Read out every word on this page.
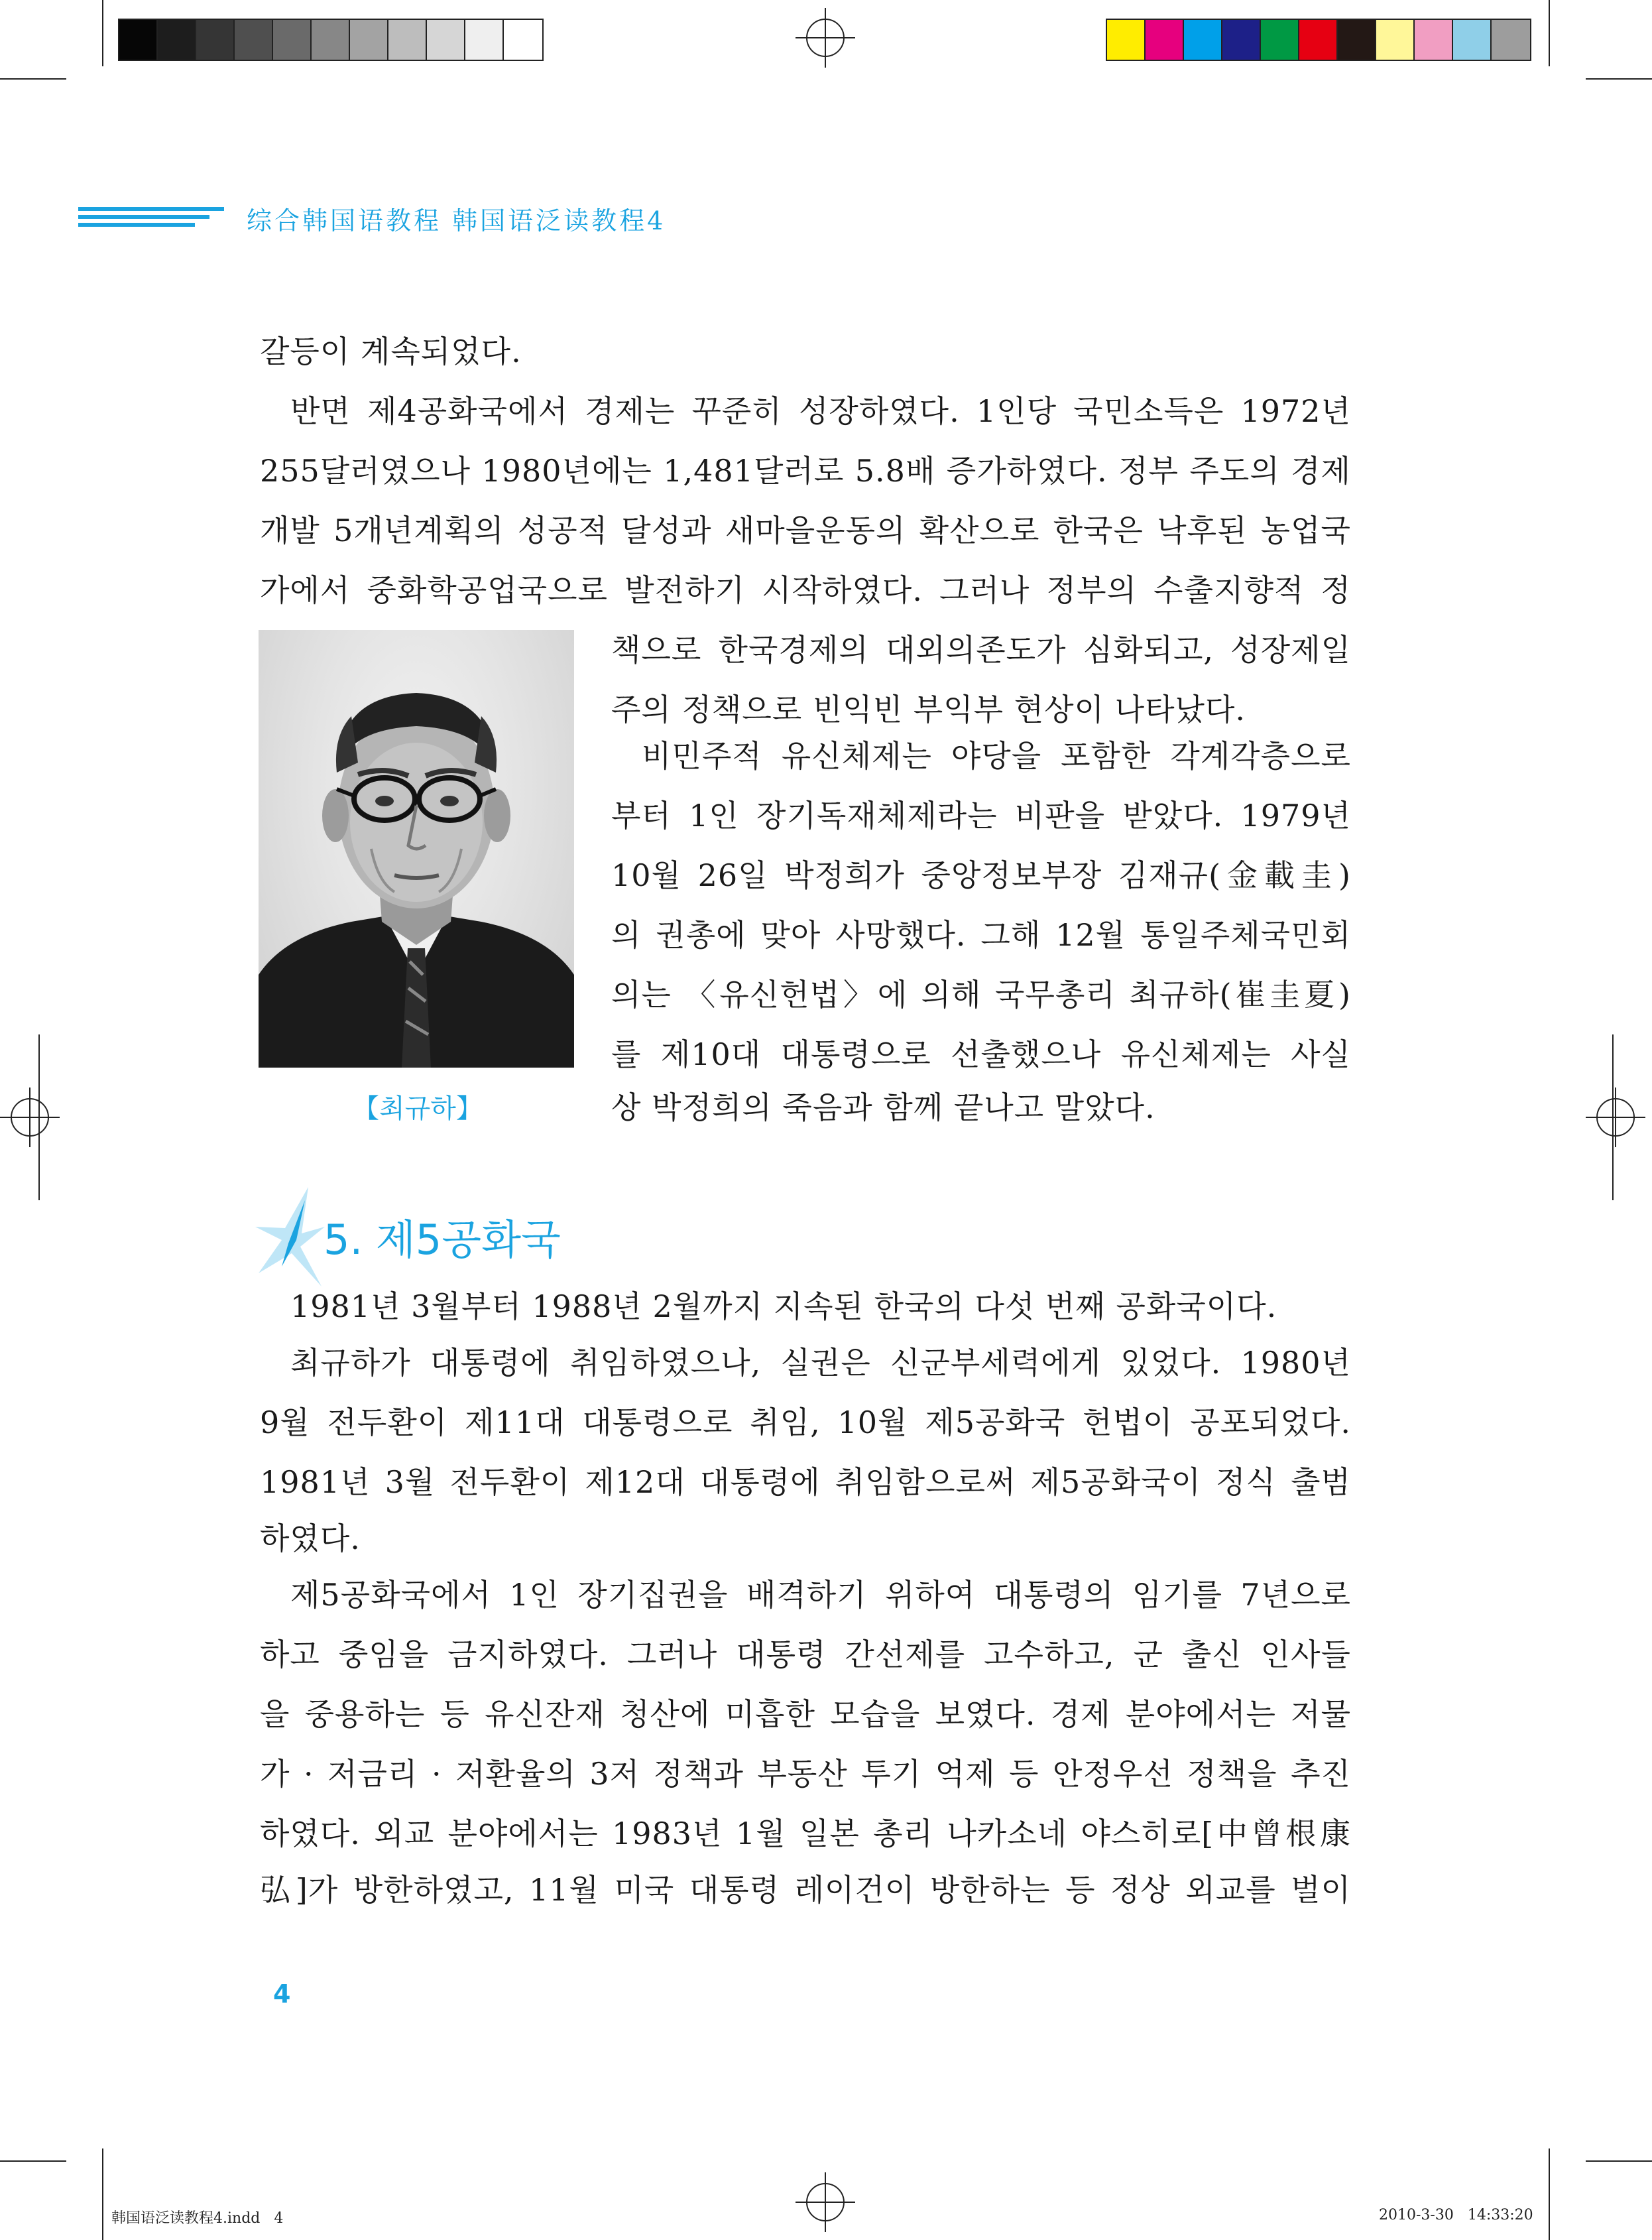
综合韩国语教程 韩国语泛读教程4
갈등이 계속되었다.
반면 제4공화국에서 경제는 꾸준히 성장하였다. 1인당 국민소득은 1972년
255달러였으나 1980년에는 1,481달러로 5.8배 증가하였다. 정부 주도의 경제
개발 5개년계획의 성공적 달성과 새마을운동의 확산으로 한국은 낙후된 농업국
가에서 중화학공업국으로 발전하기 시작하였다. 그러나 정부의 수출지향적 정
【최규하】
책으로 한국경제의 대외의존도가 심화되고, 성장제일
주의 정책으로 빈익빈 부익부 현상이 나타났다.
비민주적 유신체제는 야당을 포함한 각계각층으로
부터 1인 장기독재체제라는 비판을 받았다. 1979년
10월 26일 박정희가 중앙정보부장 김재규(金載圭)
의 권총에 맞아 사망했다. 그해 12월 통일주체국민회
의는 〈유신헌법〉에 의해 국무총리 최규하(崔圭夏)
를 제10대 대통령으로 선출했으나 유신체제는 사실
상 박정희의 죽음과 함께 끝나고 말았다.
5. 제5공화국
1981년 3월부터 1988년 2월까지 지속된 한국의 다섯 번째 공화국이다.
최규하가 대통령에 취임하였으나, 실권은 신군부세력에게 있었다. 1980년
9월 전두환이 제11대 대통령으로 취임, 10월 제5공화국 헌법이 공포되었다.
1981년 3월 전두환이 제12대 대통령에 취임함으로써 제5공화국이 정식 출범
하였다.
제5공화국에서 1인 장기집권을 배격하기 위하여 대통령의 임기를 7년으로
하고 중임을 금지하였다. 그러나 대통령 간선제를 고수하고, 군 출신 인사들
을 중용하는 등 유신잔재 청산에 미흡한 모습을 보였다. 경제 분야에서는 저물
가 · 저금리 · 저환율의 3저 정책과 부동산 투기 억제 등 안정우선 정책을 추진
하였다. 외교 분야에서는 1983년 1월 일본 총리 나카소네 야스히로[中曾根康
弘]가 방한하였고, 11월 미국 대통령 레이건이 방한하는 등 정상 외교를 벌이
4
韩国语泛读教程4.indd   4	2010-3-30   14:33:20
